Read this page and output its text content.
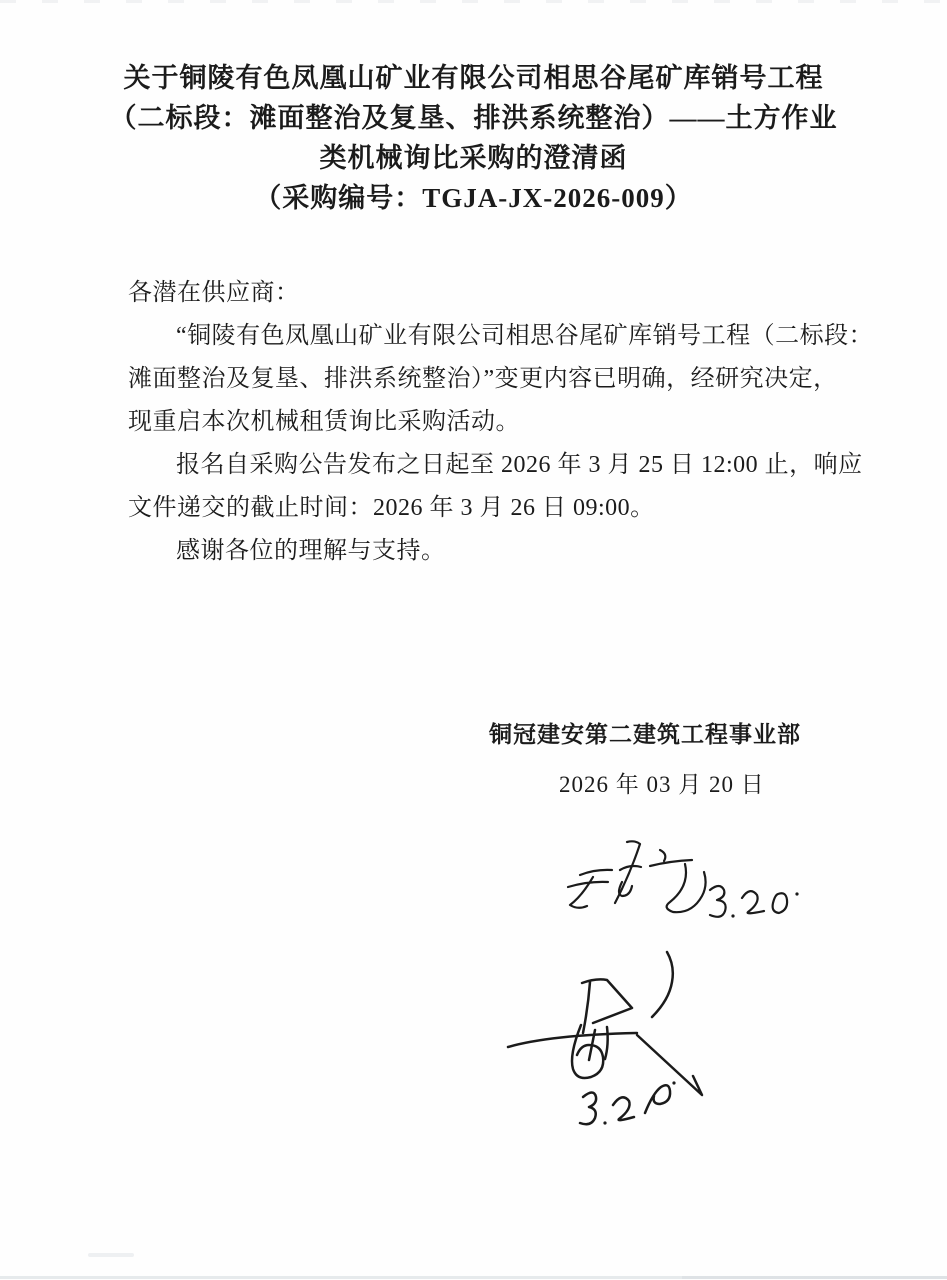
关于铜陵有色凤凰山矿业有限公司相思谷尾矿库销号工程
（二标段：滩面整治及复垦、排洪系统整治）——土方作业
类机械询比采购的澄清函
（采购编号：TGJA-JX-2026-009）
各潜在供应商：
“铜陵有色凤凰山矿业有限公司相思谷尾矿库销号工程（二标段：
滩面整治及复垦、排洪系统整治）”变更内容已明确，经研究决定，
现重启本次机械租赁询比采购活动。
报名自采购公告发布之日起至 2026 年 3 月 25 日 12:00 止，响应
文件递交的截止时间：2026 年 3 月 26 日 09:00。
感谢各位的理解与支持。
铜冠建安第二建筑工程事业部
2026 年 03 月 20 日
